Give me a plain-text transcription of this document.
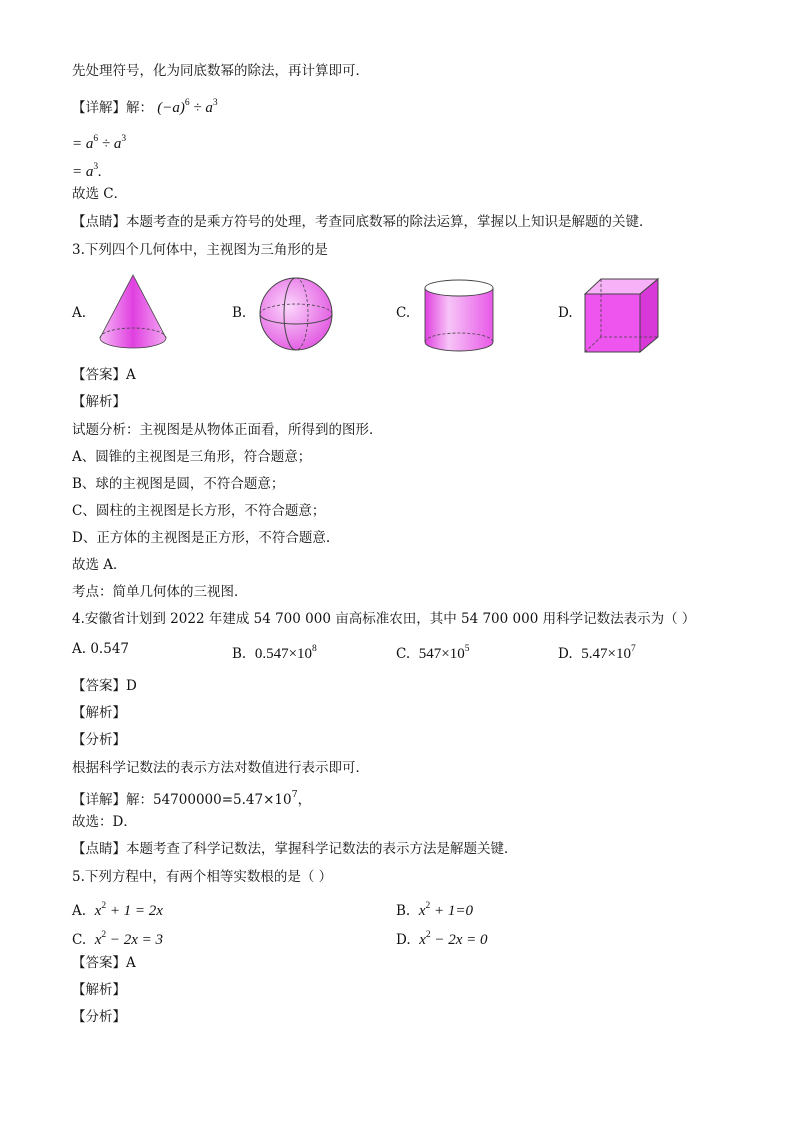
先处理符号，化为同底数幂的除法，再计算即可．
【详解】解： $(-a)^6 \div a^3$
= $a^6 \div a^3$
= $a^3$.
故选 C．
【点睛】本题考查的是乘方符号的处理，考查同底数幂的除法运算，掌握以上知识是解题的关键．
3.下列四个几何体中，主视图为三角形的是
A.	B.	C.	D.
【答案】A
【解析】
试题分析：主视图是从物体正面看，所得到的图形．
A、圆锥的主视图是三角形，符合题意；
B、球的主视图是圆，不符合题意；
C、圆柱的主视图是长方形，不符合题意；
D、正方体的主视图是正方形，不符合题意.
故选 A．
考点：简单几何体的三视图．
4.安徽省计划到 2022 年建成 54 700 000 亩高标准农田，其中 54 700 000 用科学记数法表示为（ ）
A. 0.547	B. $0.547\times 10^8$	C. $547\times 10^5$	D. $5.47\times 10^7$
【答案】D
【解析】
【分析】
根据科学记数法的表示方法对数值进行表示即可．
【详解】解：$54700000=5.47\times 10^7$，
故选：D．
【点睛】本题考查了科学记数法，掌握科学记数法的表示方法是解题关键．
5.下列方程中，有两个相等实数根的是（ ）
A. $x^2 + 1 = 2x$	B. $x^2 + 1=0$
C. $x^2 - 2x = 3$	D. $x^2 - 2x = 0$
【答案】A
【解析】
【分析】
